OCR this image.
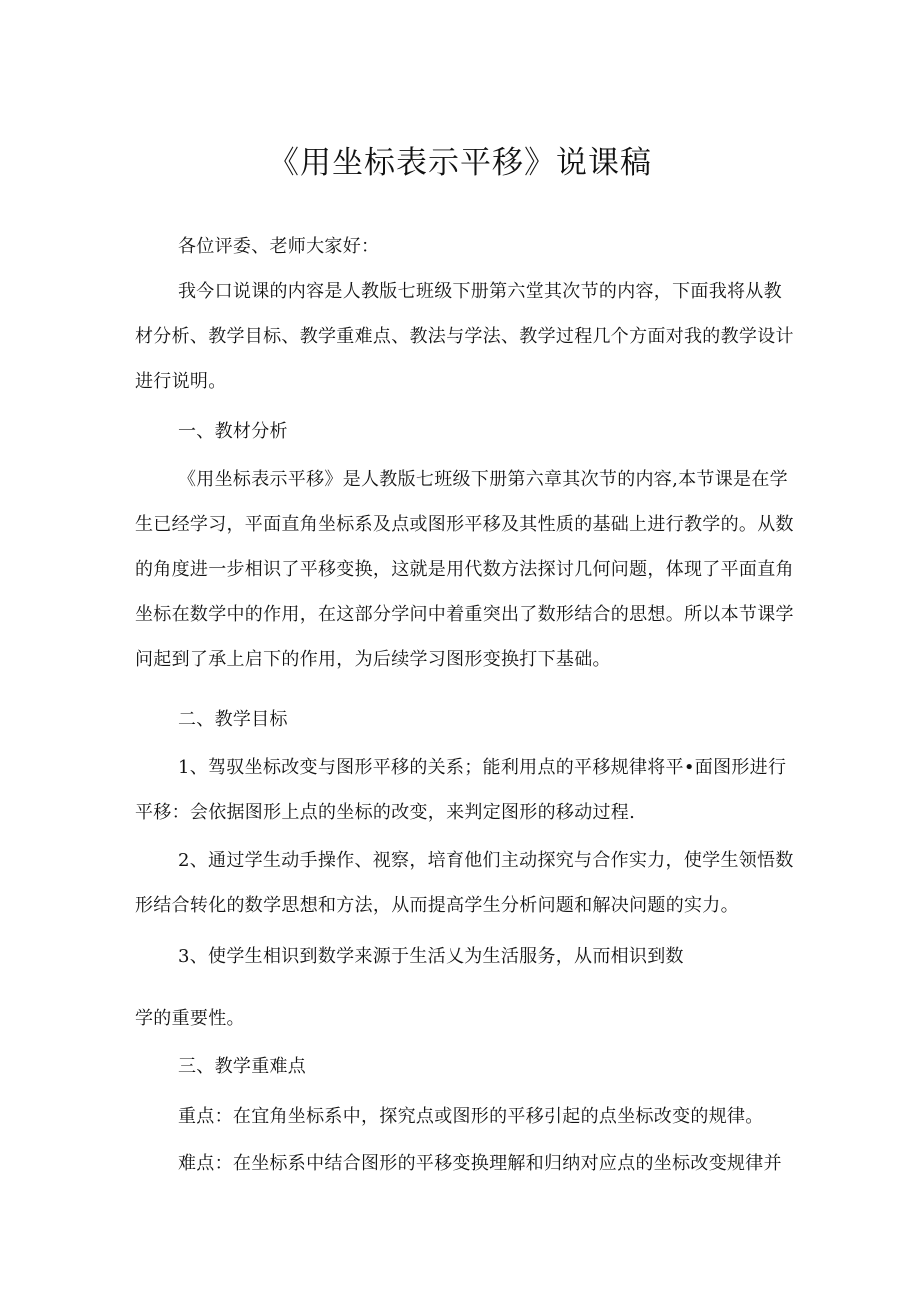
《用坐标表示平移》说课稿

各位评委、老师大家好：

我今口说课的内容是人教版七班级下册第六堂其次节的内容，下面我将从教材分析、教学目标、教学重难点、教法与学法、教学过程几个方面对我的教学设计进行说明。

一、教材分析

《用坐标表示平移》是人教版七班级下册第六章其次节的内容,本节课是在学生已经学习，平面直角坐标系及点或图形平移及其性质的基础上进行教学的。从数的角度进一步相识了平移变换，这就是用代数方法探讨几何问题，体现了平面直角坐标在数学中的作用，在这部分学问中着重突出了数形结合的思想。所以本节课学问起到了承上启下的作用，为后续学习图形变换打下基础。

二、教学目标

1、驾驭坐标改变与图形平移的关系；能利用点的平移规律将平•面图形进行平移：会依据图形上点的坐标的改变，来判定图形的移动过程.

2、通过学生动手操作、视察，培育他们主动探究与合作实力，使学生领悟数形结合转化的数学思想和方法，从而提高学生分析问题和解决问题的实力。

3、使学生相识到数学来源于生活乂为生活服务，从而相识到数

学的重要性。

三、教学重难点

重点：在宜角坐标系中，探究点或图形的平移引起的点坐标改变的规律。

难点：在坐标系中结合图形的平移变换理解和归纳对应点的坐标改变规律并
